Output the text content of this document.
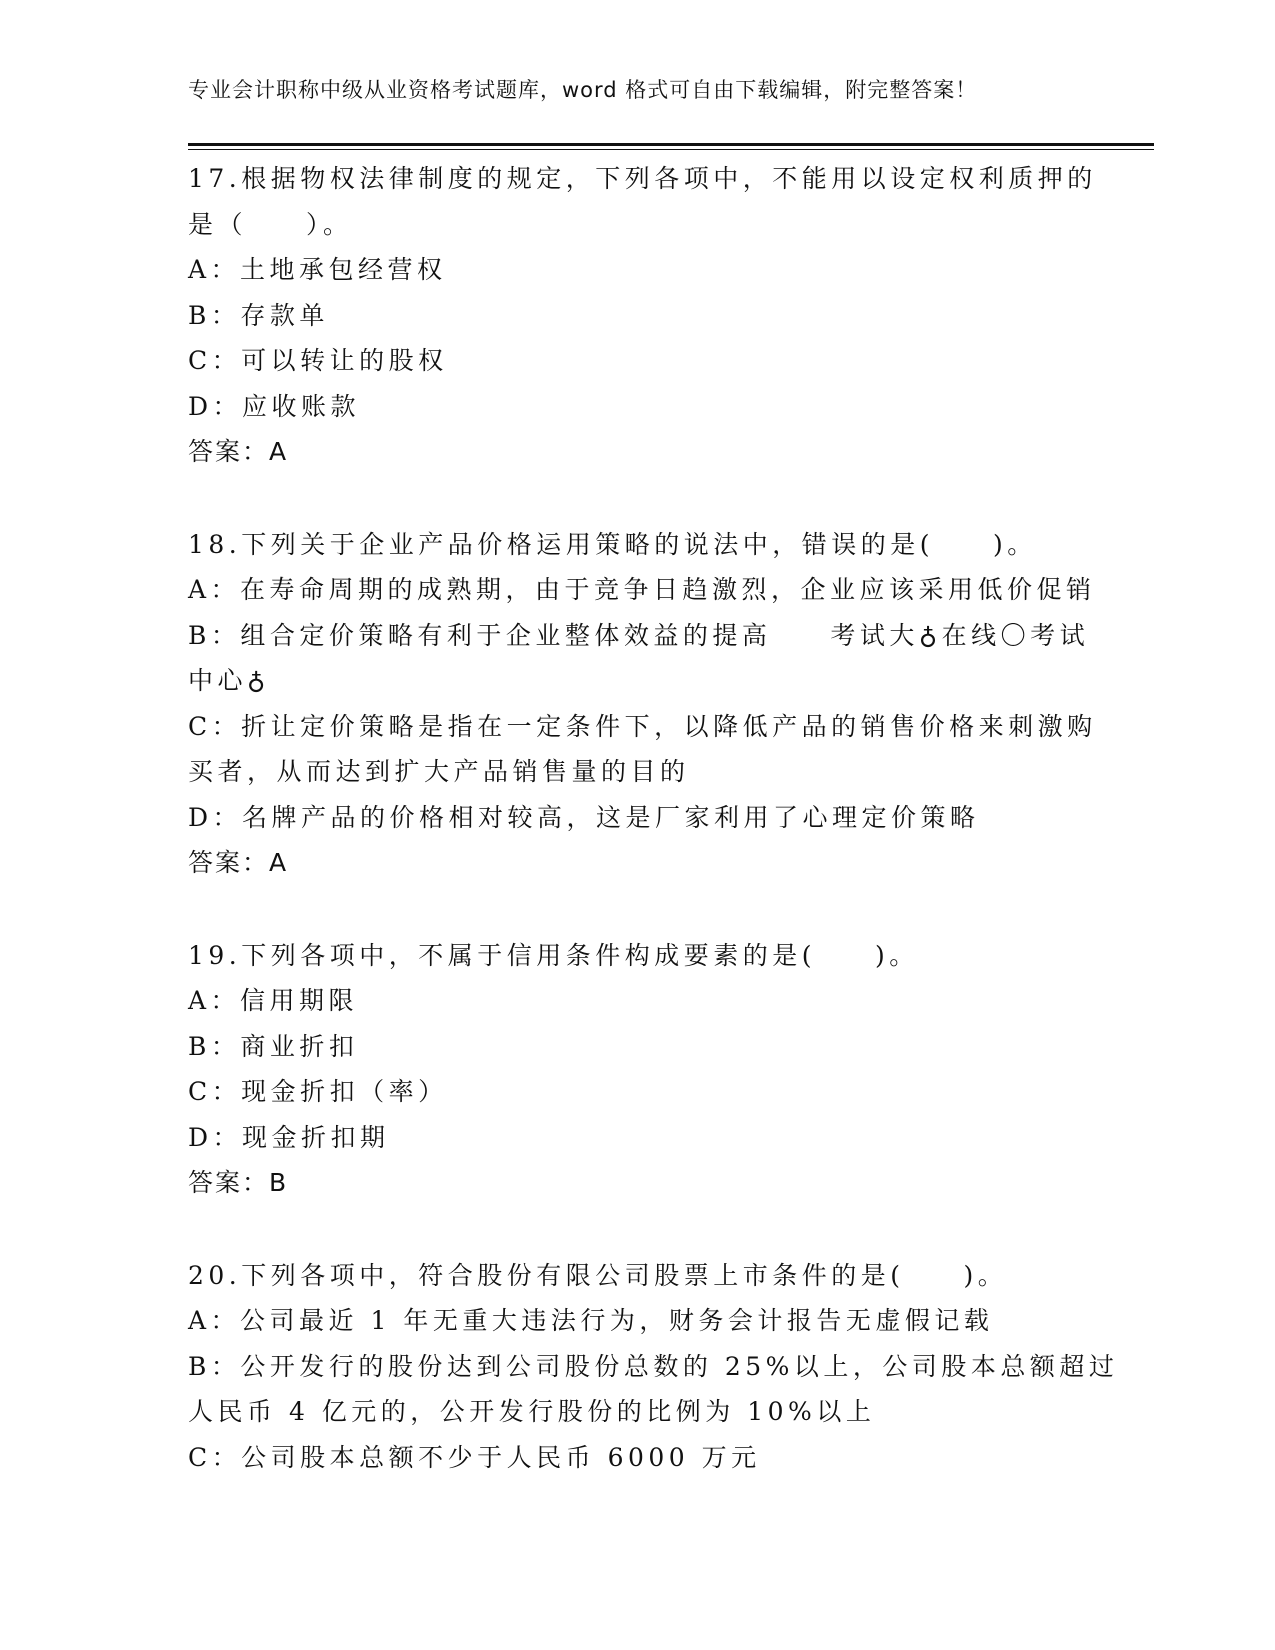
专业会计职称中级从业资格考试题库，word 格式可自由下载编辑，附完整答案！
17.根据物权法律制度的规定，下列各项中，不能用以设定权利质押的
是（　　）。
A：土地承包经营权
B：存款单
C：可以转让的股权
D：应收账款
答案：A
18.下列关于企业产品价格运用策略的说法中，错误的是(　　)。
A：在寿命周期的成熟期，由于竞争日趋激烈，企业应该采用低价促销
B：组合定价策略有利于企业整体效益的提高　　考试大♁在线〇考试
中心♁
C：折让定价策略是指在一定条件下，以降低产品的销售价格来刺激购
买者，从而达到扩大产品销售量的目的
D：名牌产品的价格相对较高，这是厂家利用了心理定价策略
答案：A
19.下列各项中，不属于信用条件构成要素的是(　　)。
A：信用期限
B：商业折扣
C：现金折扣（率）
D：现金折扣期
答案：B
20.下列各项中，符合股份有限公司股票上市条件的是(　　)。
A：公司最近 1 年无重大违法行为，财务会计报告无虚假记载
B：公开发行的股份达到公司股份总数的 25%以上，公司股本总额超过
人民币 4 亿元的，公开发行股份的比例为 10%以上
C：公司股本总额不少于人民币 6000 万元
